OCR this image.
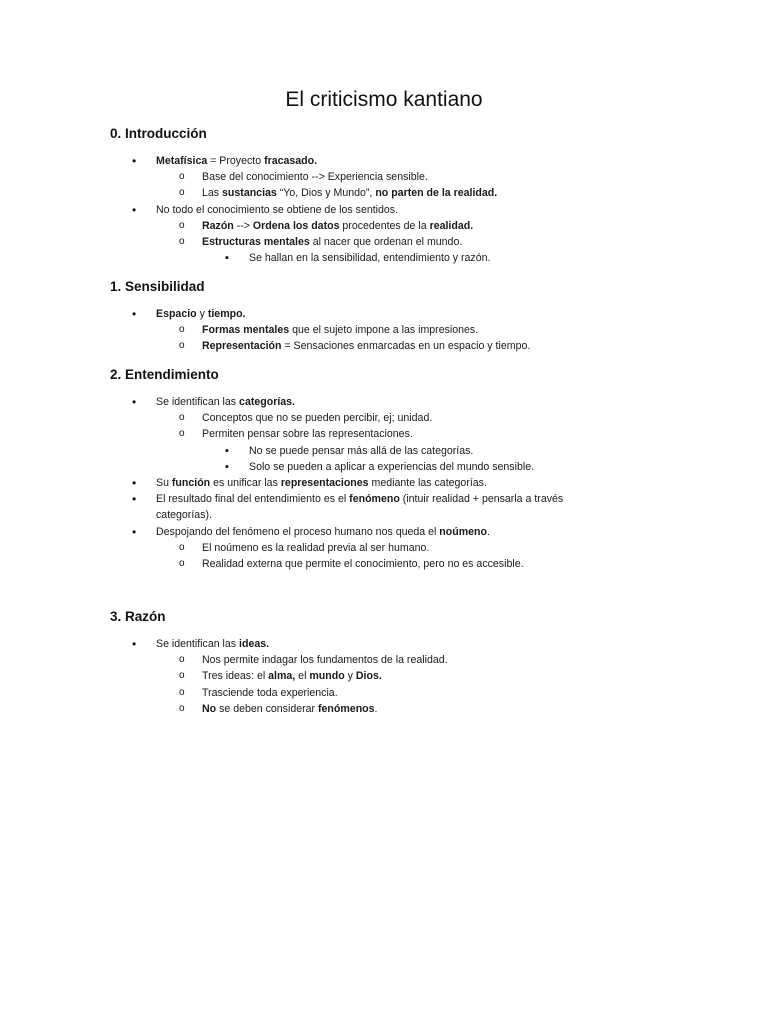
El criticismo kantiano
0. Introducción
•
Metafísica = Proyecto fracasado.
o
Base del conocimiento --> Experiencia sensible.
o
Las sustancias “Yo, Dios y Mundo”, no parten de la realidad.
•
No todo el conocimiento se obtiene de los sentidos.
o
Razón --> Ordena los datos procedentes de la realidad.
o
Estructuras mentales al nacer que ordenan el mundo.
▪
Se hallan en la sensibilidad, entendimiento y razón.
1. Sensibilidad
•
Espacio y tiempo.
o
Formas mentales que el sujeto impone a las impresiones.
o
Representación = Sensaciones enmarcadas en un espacio y tiempo.
2. Entendimiento
•
Se identifican las categorías.
o
Conceptos que no se pueden percibir, ej; unidad.
o
Permiten pensar sobre las representaciones.
▪
No se puede pensar más allá de las categorías.
▪
Solo se pueden a aplicar a experiencias del mundo sensible.
•
Su función es unificar las representaciones mediante las categorías.
•
El resultado final del entendimiento es el fenómeno (intuir realidad + pensarla a través
categorías).
•
Despojando del fenómeno el proceso humano nos queda el noúmeno.
o
El noúmeno es la realidad previa al ser humano.
o
Realidad externa que permite el conocimiento, pero no es accesible.
3. Razón
•
Se identifican las ideas.
o
Nos permite indagar los fundamentos de la realidad.
o
Tres ideas: el alma, el mundo y Dios.
o
Trasciende toda experiencia.
o
No se deben considerar fenómenos.
